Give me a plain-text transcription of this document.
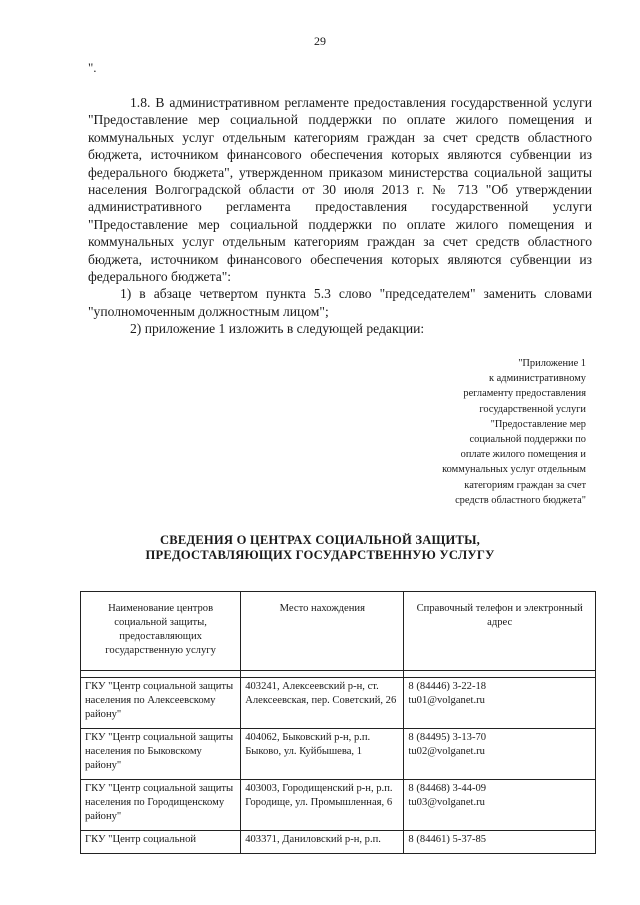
29
".

1.8. В административном регламенте предоставления государственной услуги "Предоставление мер социальной поддержки по оплате жилого помещения и коммунальных услуг отдельным категориям граждан за счет средств областного бюджета, источником финансового обеспечения которых являются субвенции из федерального бюджета", утвержденном приказом министерства социальной защиты населения Волгоградской области от 30 июля 2013 г. № 713 "Об утверждении административного регламента предоставления государственной услуги "Предоставление мер социальной поддержки по оплате жилого помещения и коммунальных услуг отдельным категориям граждан за счет средств областного бюджета, источником финансового обеспечения которых являются субвенции из федерального бюджета":

1) в абзаце четвертом пункта 5.3 слово "председателем" заменить словами "уполномоченным должностным лицом";

2) приложение 1 изложить в следующей редакции:

"Приложение 1
к административному
регламенту предоставления
государственной услуги
"Предоставление мер
социальной поддержки по
оплате жилого помещения и
коммунальных услуг отдельным
категориям граждан за счет
средств областного бюджета"
СВЕДЕНИЯ О ЦЕНТРАХ СОЦИАЛЬНОЙ ЗАЩИТЫ,
ПРЕДОСТАВЛЯЮЩИХ ГОСУДАРСТВЕННУЮ УСЛУГУ
Наименование центров социальной защиты, предоставляющих государственную услугу	Место нахождения	Справочный телефон и электронный адрес

ГКУ "Центр социальной защиты населения по Алексеевскому району"	403241, Алексеевский р-н, ст. Алексеевская, пер. Советский, 26	8 (84446) 3-22-18
tu01@volganet.ru

ГКУ "Центр социальной защиты населения по Быковскому району"	404062, Быковский р-н, р.п. Быково, ул. Куйбышева, 1	8 (84495) 3-13-70
tu02@volganet.ru

ГКУ "Центр социальной защиты населения по Городищенскому району"	403003, Городищенский р-н, р.п. Городище, ул. Промышленная, 6	8 (84468) 3-44-09
tu03@volganet.ru

ГКУ "Центр социальной	403371, Даниловский р-н, р.п.	8 (84461) 5-37-85
